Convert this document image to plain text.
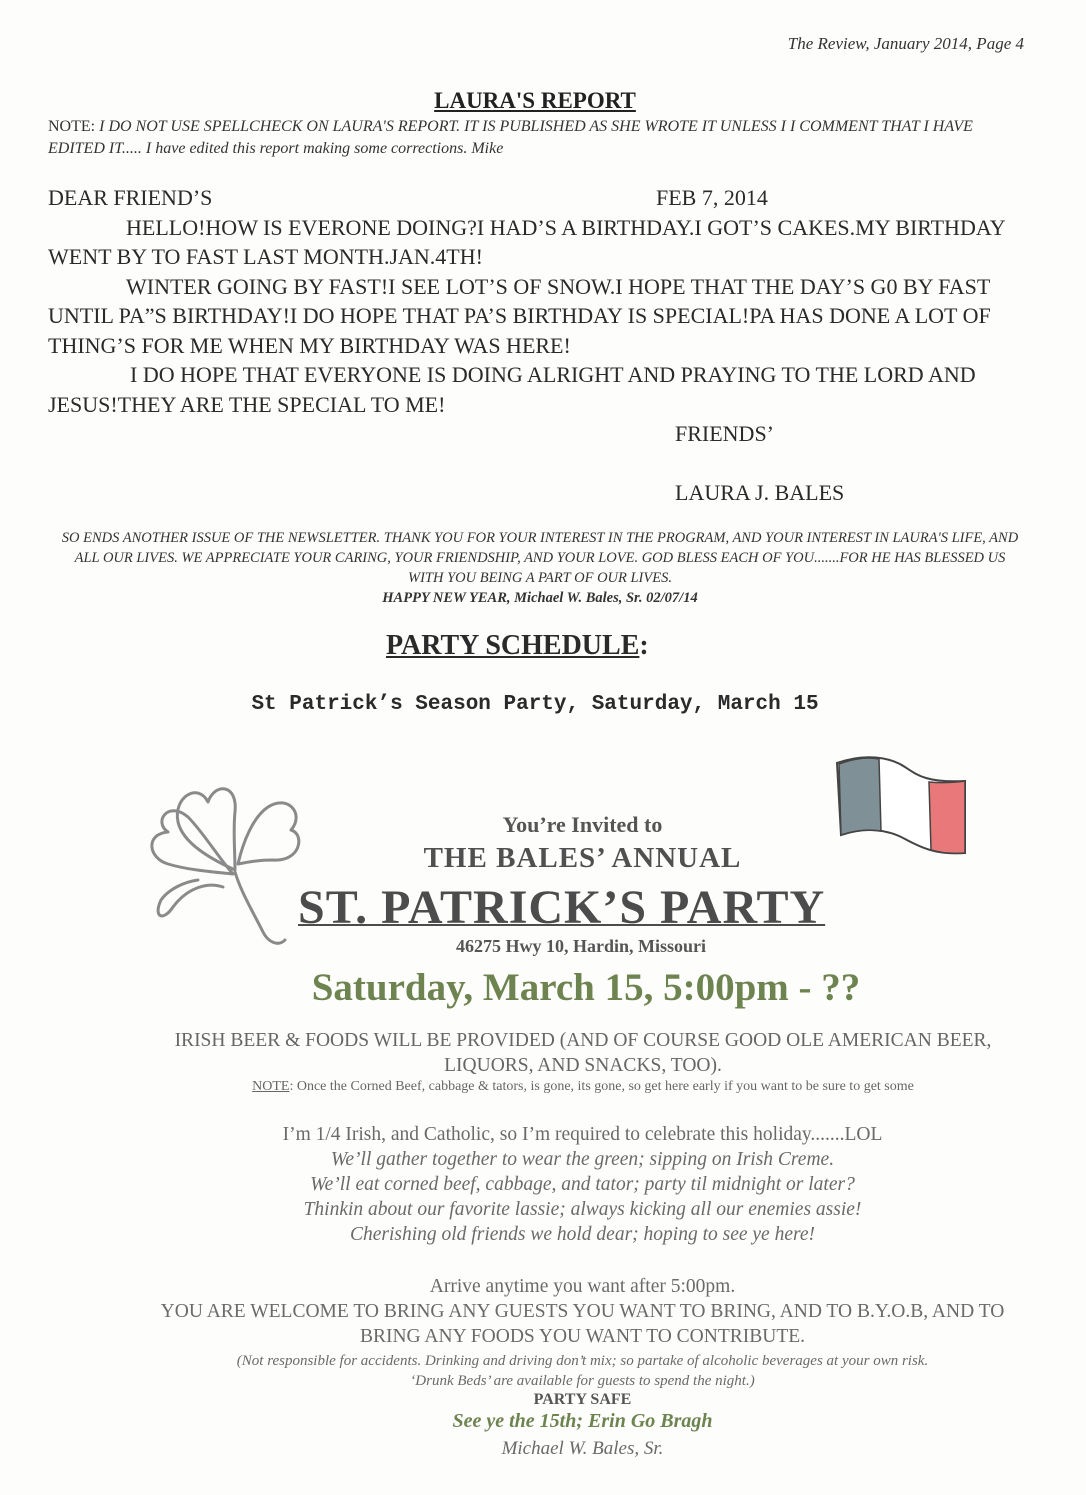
The Review, January 2014, Page 4
LAURA'S REPORT
NOTE: I DO NOT USE SPELLCHECK ON LAURA'S REPORT. IT IS PUBLISHED AS SHE WROTE IT UNLESS I I COMMENT THAT I HAVE EDITED IT..... I have edited this report making some corrections. Mike

DEAR FRIEND’S	FEB 7, 2014

HELLO!HOW IS EVERONE DOING?I HAD’S A BIRTHDAY.I GOT’S CAKES.MY BIRTHDAY WENT BY TO FAST LAST MONTH.JAN.4TH!

WINTER GOING BY FAST!I SEE LOT’S OF SNOW.I HOPE THAT THE DAY’S G0 BY FAST UNTIL PA”S BIRTHDAY!I DO HOPE THAT PA’S BIRTHDAY IS SPECIAL!PA HAS DONE A LOT OF THING’S FOR ME WHEN MY BIRTHDAY WAS HERE!

I DO HOPE THAT EVERYONE IS DOING ALRIGHT AND PRAYING TO THE LORD AND JESUS!THEY ARE THE SPECIAL TO ME!

FRIENDS’

LAURA J. BALES

SO ENDS ANOTHER ISSUE OF THE NEWSLETTER. THANK YOU FOR YOUR INTEREST IN THE PROGRAM, AND YOUR INTEREST IN LAURA'S LIFE, AND ALL OUR LIVES. WE APPRECIATE YOUR CARING, YOUR FRIENDSHIP, AND YOUR LOVE. GOD BLESS EACH OF YOU.......FOR HE HAS BLESSED US WITH YOU BEING A PART OF OUR LIVES.
HAPPY NEW YEAR, Michael W. Bales, Sr. 02/07/14
PARTY SCHEDULE:
St Patrick’s Season Party, Saturday, March 15
You’re Invited to
THE BALES’ ANNUAL
ST. PATRICK’S PARTY
46275 Hwy 10, Hardin, Missouri
Saturday, March 15, 5:00pm - ??
IRISH BEER & FOODS WILL BE PROVIDED (AND OF COURSE GOOD OLE AMERICAN BEER, LIQUORS, AND SNACKS, TOO).
NOTE: Once the Corned Beef, cabbage & tators, is gone, its gone, so get here early if you want to be sure to get some
I’m 1/4 Irish, and Catholic, so I’m required to celebrate this holiday.......LOL
We’ll gather together to wear the green; sipping on Irish Creme.
We’ll eat corned beef, cabbage, and tator; party til midnight or later?
Thinkin about our favorite lassie; always kicking all our enemies assie!
Cherishing old friends we hold dear; hoping to see ye here!
Arrive anytime you want after 5:00pm.
YOU ARE WELCOME TO BRING ANY GUESTS YOU WANT TO BRING, AND TO B.Y.O.B, AND TO BRING ANY FOODS YOU WANT TO CONTRIBUTE.
(Not responsible for accidents. Drinking and driving don’t mix; so partake of alcoholic beverages at your own risk.
‘Drunk Beds’ are available for guests to spend the night.)
PARTY SAFE
See ye the 15th; Erin Go Bragh
Michael W. Bales, Sr.
